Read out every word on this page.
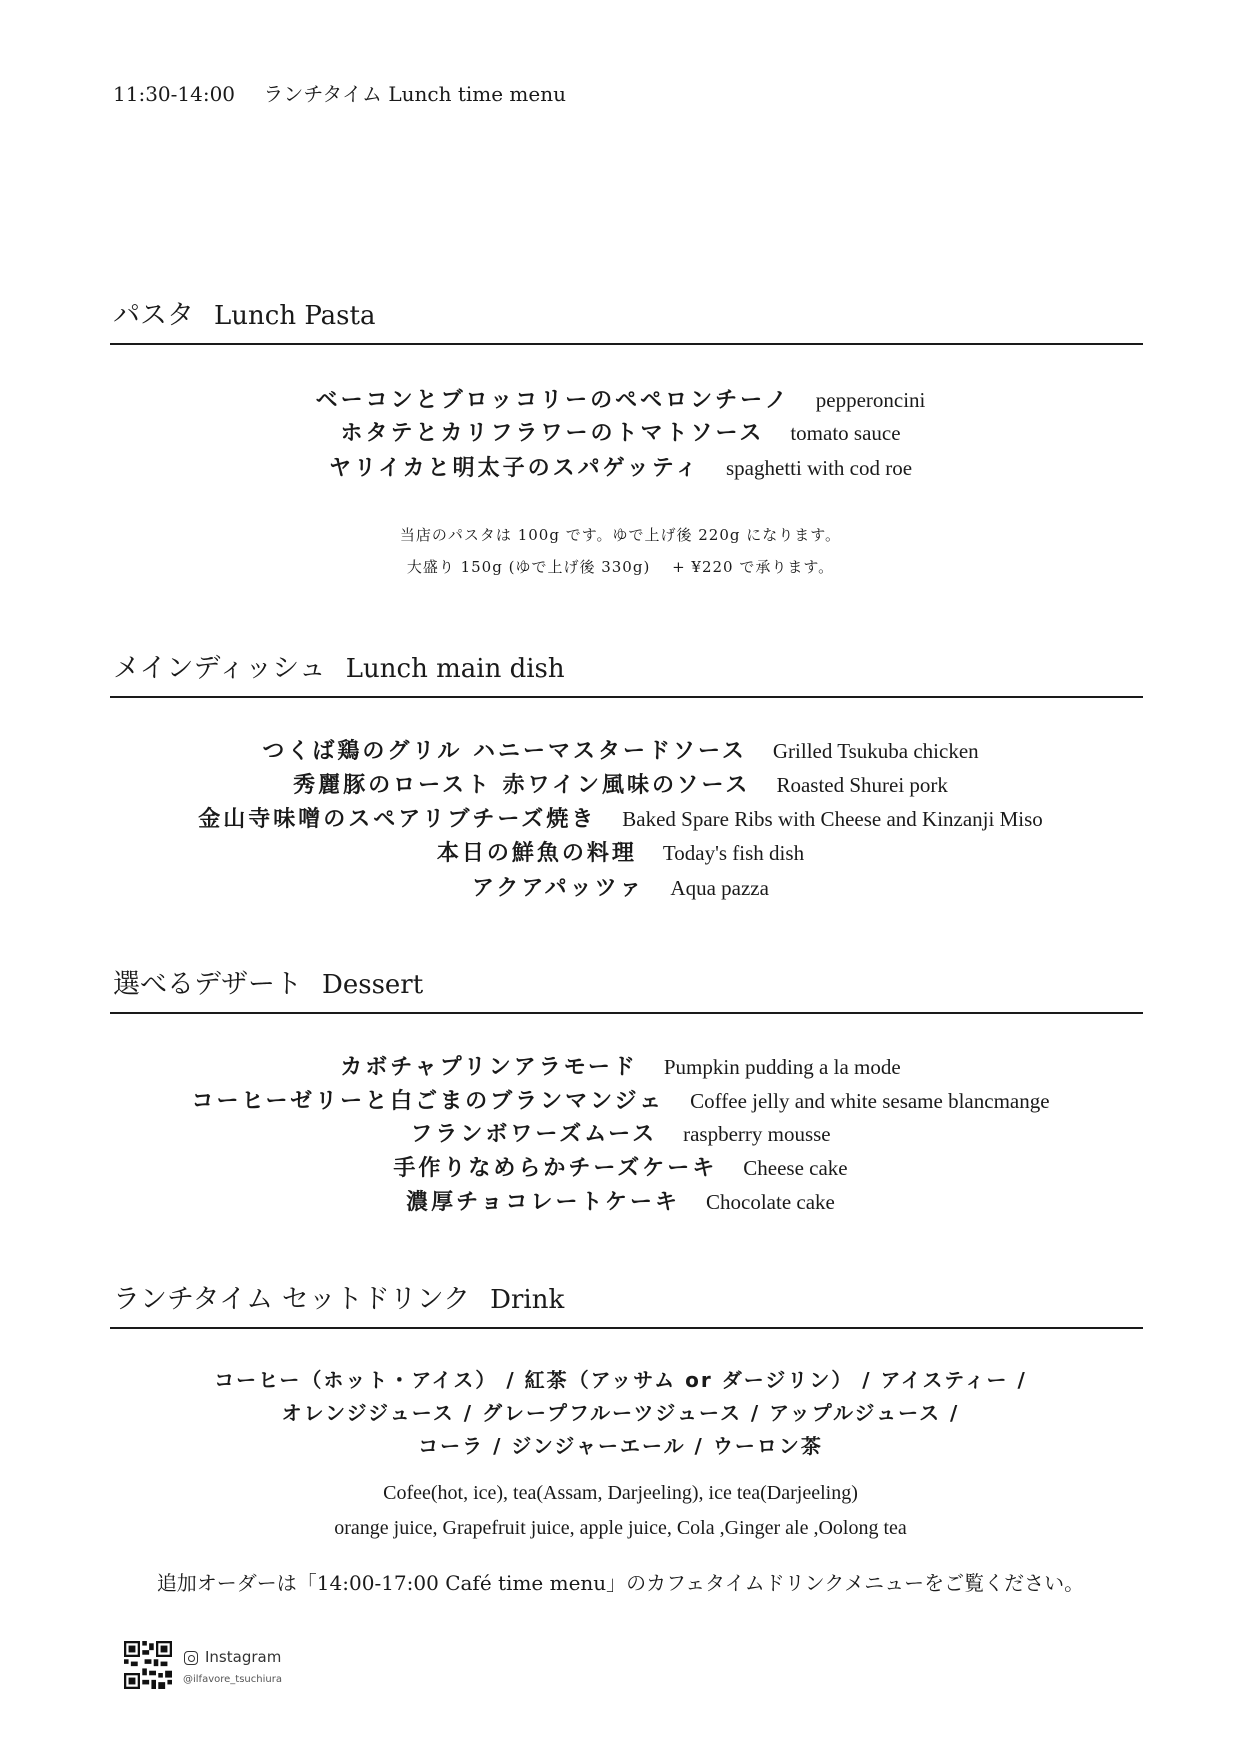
11:30-14:00 ランチタイム Lunch time menu
パスタ Lunch Pasta
ベーコンとブロッコリーのペペロンチーノ pepperoncini
ホタテとカリフラワーのトマトソース tomato sauce
ヤリイカと明太子のスパゲッティ spaghetti with cod roe
当店のパスタは 100g です。ゆで上げ後 220g になります。
大盛り 150g (ゆで上げ後 330g)　 + ¥220 で承ります。
メインディッシュ Lunch main dish
つくば鶏のグリル ハニーマスタードソース Grilled Tsukuba chicken
秀麗豚のロースト 赤ワイン風味のソース Roasted Shurei pork
金山寺味噌のスペアリブチーズ焼き Baked Spare Ribs with Cheese and Kinzanji Miso
本日の鮮魚の料理 Today's fish dish
アクアパッツァ Aqua pazza
選べるデザート Dessert
カボチャプリンアラモード Pumpkin pudding a la mode
コーヒーゼリーと白ごまのブランマンジェ Coffee jelly and white sesame blancmange
フランボワーズムース raspberry mousse
手作りなめらかチーズケーキ Cheese cake
濃厚チョコレートケーキ Chocolate cake
ランチタイム セットドリンク Drink
コーヒー（ホット・アイス） / 紅茶（アッサム or ダージリン） / アイスティー /
オレンジジュース / グレープフルーツジュース / アップルジュース /
コーラ / ジンジャーエール / ウーロン茶
Cofee(hot, ice), tea(Assam, Darjeeling), ice tea(Darjeeling)
orange juice, Grapefruit juice, apple juice, Cola ,Ginger ale ,Oolong tea
追加オーダーは「14:00-17:00 Café time menu」のカフェタイムドリンクメニューをご覧ください。
Instagram
@ilfavore_tsuchiura
